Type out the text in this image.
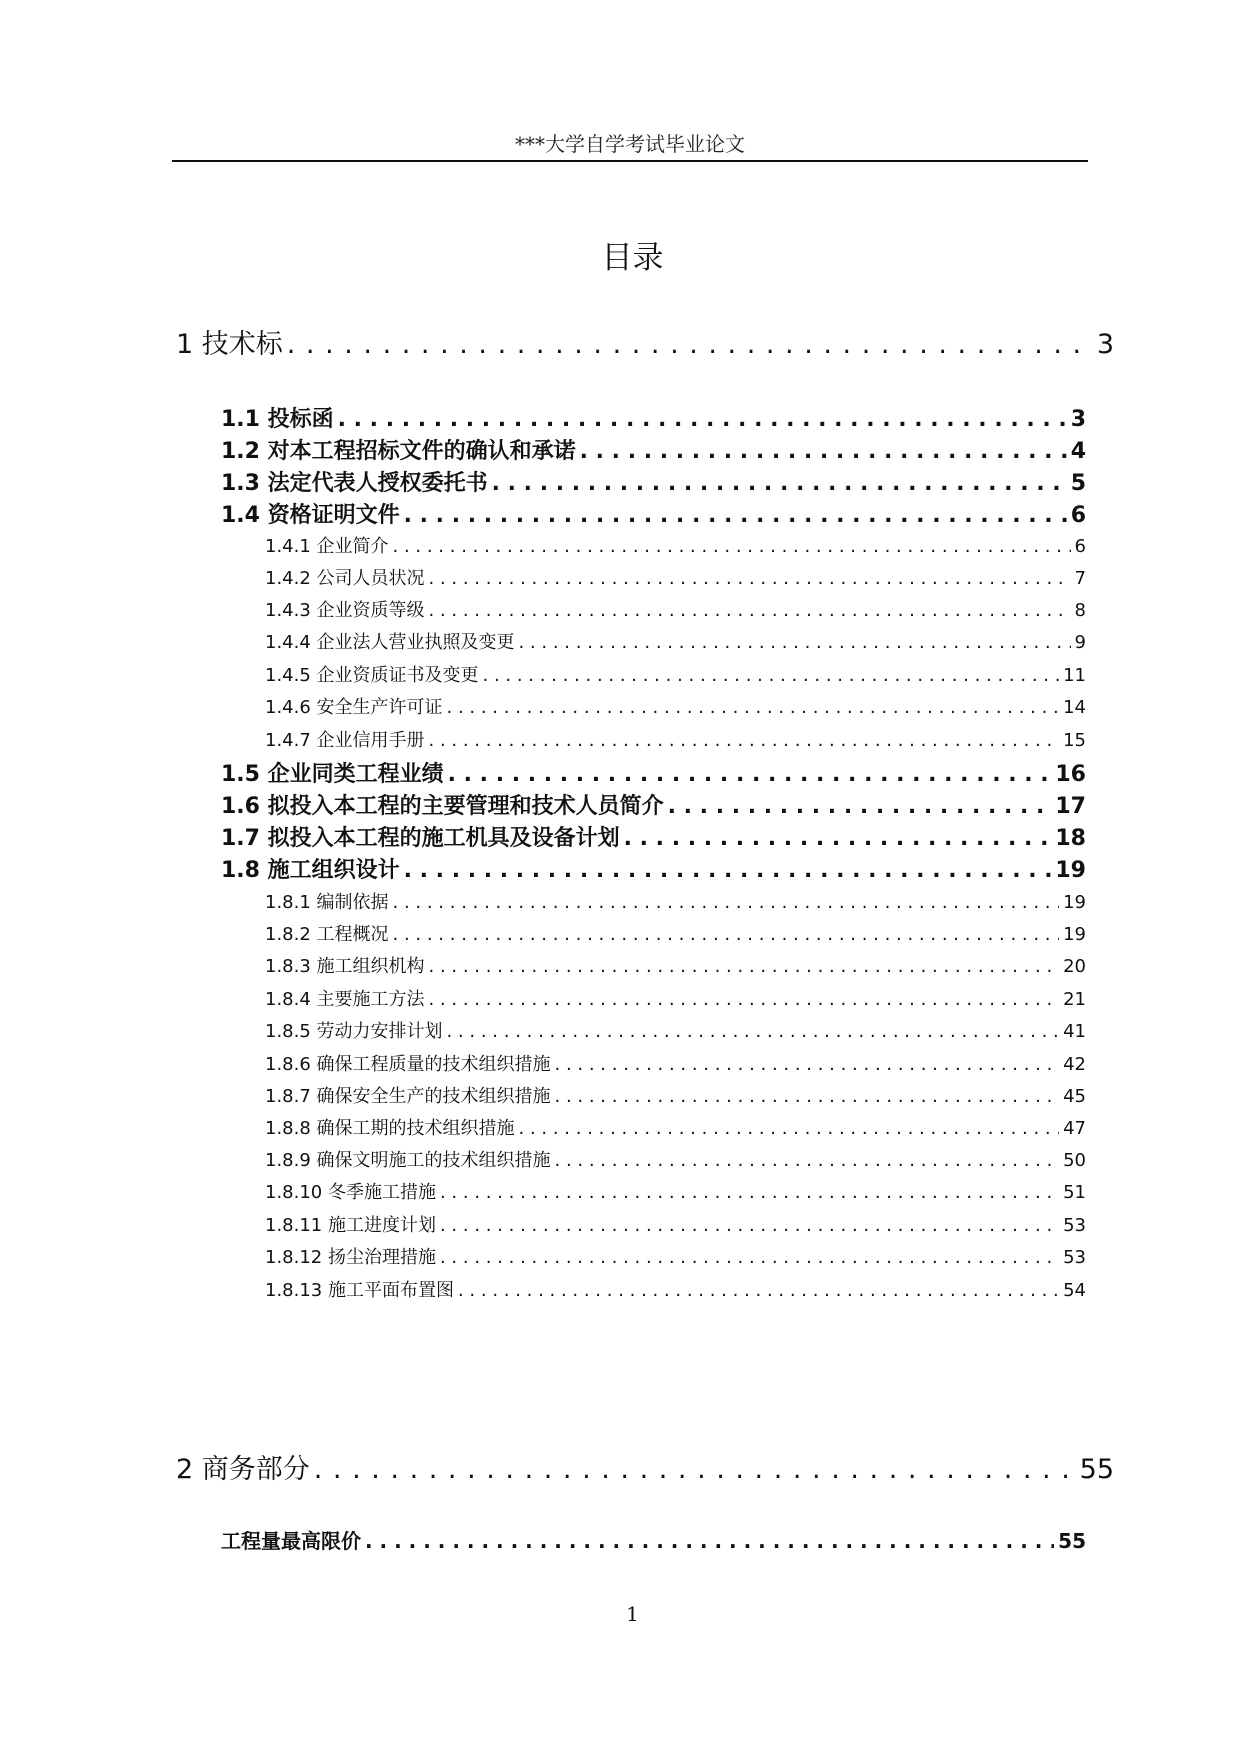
***大学自学考试毕业论文
目录
1 技术标 . . .	3
1.1 投标函 . . .	3
1.2 对本工程招标文件的确认和承诺 . . .	4
1.3 法定代表人授权委托书 . . .	5
1.4 资格证明文件 . . .	6
1.4.1 企业简介 . . .	6
1.4.2 公司人员状况 . . .	7
1.4.3 企业资质等级 . . .	8
1.4.4 企业法人营业执照及变更 . . .	9
1.4.5 企业资质证书及变更 . . .	11
1.4.6 安全生产许可证 . . .	14
1.4.7 企业信用手册 . . .	15
1.5 企业同类工程业绩 . . .	16
1.6 拟投入本工程的主要管理和技术人员简介 . . .	17
1.7 拟投入本工程的施工机具及设备计划 . . .	18
1.8 施工组织设计 . . .	19
1.8.1 编制依据 . . .	19
1.8.2 工程概况 . . .	19
1.8.3 施工组织机构 . . .	20
1.8.4 主要施工方法 . . .	21
1.8.5 劳动力安排计划 . . .	41
1.8.6 确保工程质量的技术组织措施 . . .	42
1.8.7 确保安全生产的技术组织措施 . . .	45
1.8.8 确保工期的技术组织措施 . . .	47
1.8.9 确保文明施工的技术组织措施 . . .	50
1.8.10 冬季施工措施 . . .	51
1.8.11 施工进度计划 . . .	53
1.8.12 扬尘治理措施 . . .	53
1.8.13 施工平面布置图 . . .	54
2 商务部分 . . .	55
工程量最高限价 . . .	55
1
